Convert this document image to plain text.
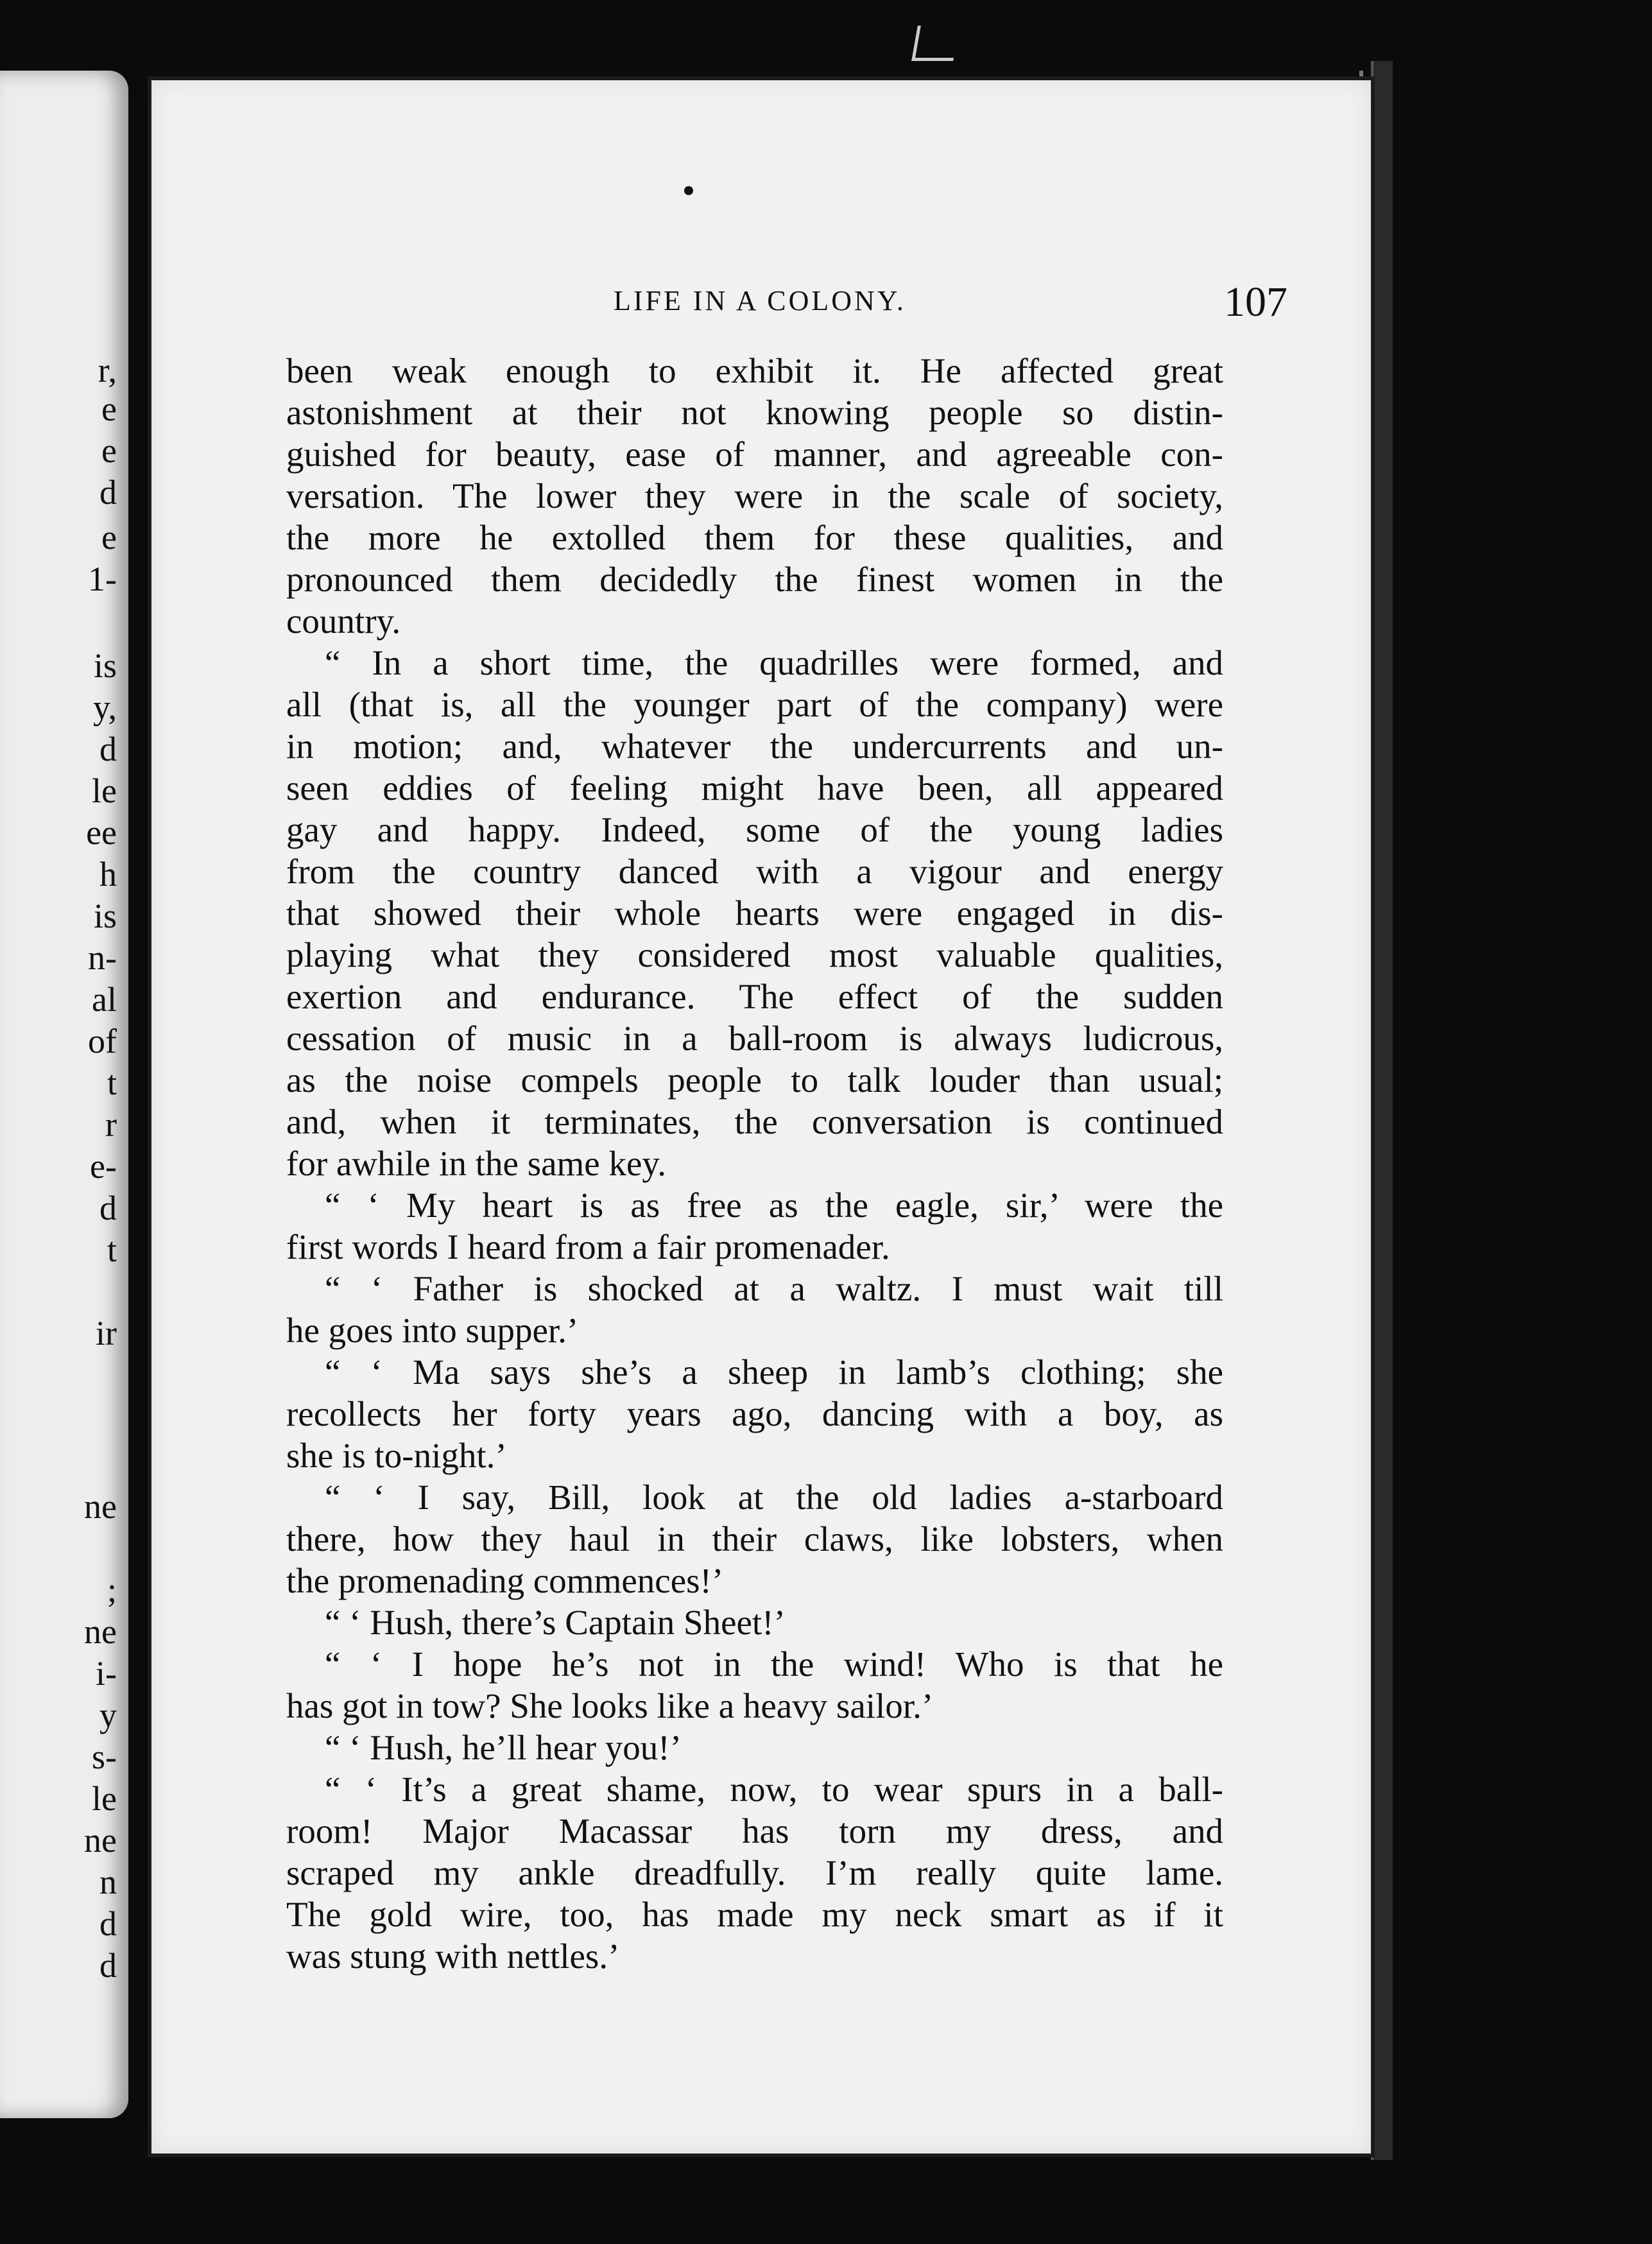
r,
e
e
d
e
1-
is
y,
d
le
ee
h
is
n-
al
of
t
r
e-
d
t
ir
ne
;
ne
i-
y
s-
le
ne
n
d
d
LIFE IN A COLONY.	107
been weak enough to exhibit it. He affected great
astonishment at their not knowing people so distin-
guished for beauty, ease of manner, and agreeable con-
versation. The lower they were in the scale of society,
the more he extolled them for these qualities, and
pronounced them decidedly the finest women in the
country.
“ In a short time, the quadrilles were formed, and
all (that is, all the younger part of the company) were
in motion; and, whatever the undercurrents and un-
seen eddies of feeling might have been, all appeared
gay and happy. Indeed, some of the young ladies
from the country danced with a vigour and energy
that showed their whole hearts were engaged in dis-
playing what they considered most valuable qualities,
exertion and endurance. The effect of the sudden
cessation of music in a ball-room is always ludicrous,
as the noise compels people to talk louder than usual;
and, when it terminates, the conversation is continued
for awhile in the same key.
“ ‘ My heart is as free as the eagle, sir,’ were the
first words I heard from a fair promenader.
“ ‘ Father is shocked at a waltz. I must wait till
he goes into supper.’
“ ‘ Ma says she’s a sheep in lamb’s clothing; she
recollects her forty years ago, dancing with a boy, as
she is to-night.’
“ ‘ I say, Bill, look at the old ladies a-starboard
there, how they haul in their claws, like lobsters, when
the promenading commences!’
“ ‘ Hush, there’s Captain Sheet!’
“ ‘ I hope he’s not in the wind! Who is that he
has got in tow? She looks like a heavy sailor.’
“ ‘ Hush, he’ll hear you!’
“ ‘ It’s a great shame, now, to wear spurs in a ball-
room! Major Macassar has torn my dress, and
scraped my ankle dreadfully. I’m really quite lame.
The gold wire, too, has made my neck smart as if it
was stung with nettles.’
